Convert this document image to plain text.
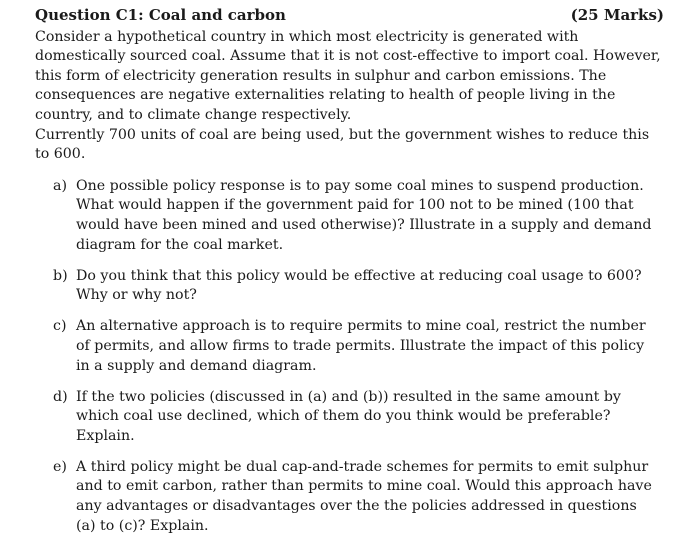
Question C1: Coal and carbon	(25 Marks)

Consider a hypothetical country in which most electricity is generated with domestically sourced coal. Assume that it is not cost-effective to import coal. However, this form of electricity generation results in sulphur and carbon emissions. The consequences are negative externalities relating to health of people living in the country, and to climate change respectively.

Currently 700 units of coal are being used, but the government wishes to reduce this to 600.

a) One possible policy response is to pay some coal mines to suspend production. What would happen if the government paid for 100 not to be mined (100 that would have been mined and used otherwise)? Illustrate in a supply and demand diagram for the coal market.
b) Do you think that this policy would be effective at reducing coal usage to 600? Why or why not?
c) An alternative approach is to require permits to mine coal, restrict the number of permits, and allow firms to trade permits. Illustrate the impact of this policy in a supply and demand diagram.
d) If the two policies (discussed in (a) and (b)) resulted in the same amount by which coal use declined, which of them do you think would be preferable? Explain.
e) A third policy might be dual cap-and-trade schemes for permits to emit sulphur and to emit carbon, rather than permits to mine coal. Would this approach have any advantages or disadvantages over the the policies addressed in questions (a) to (c)? Explain.
